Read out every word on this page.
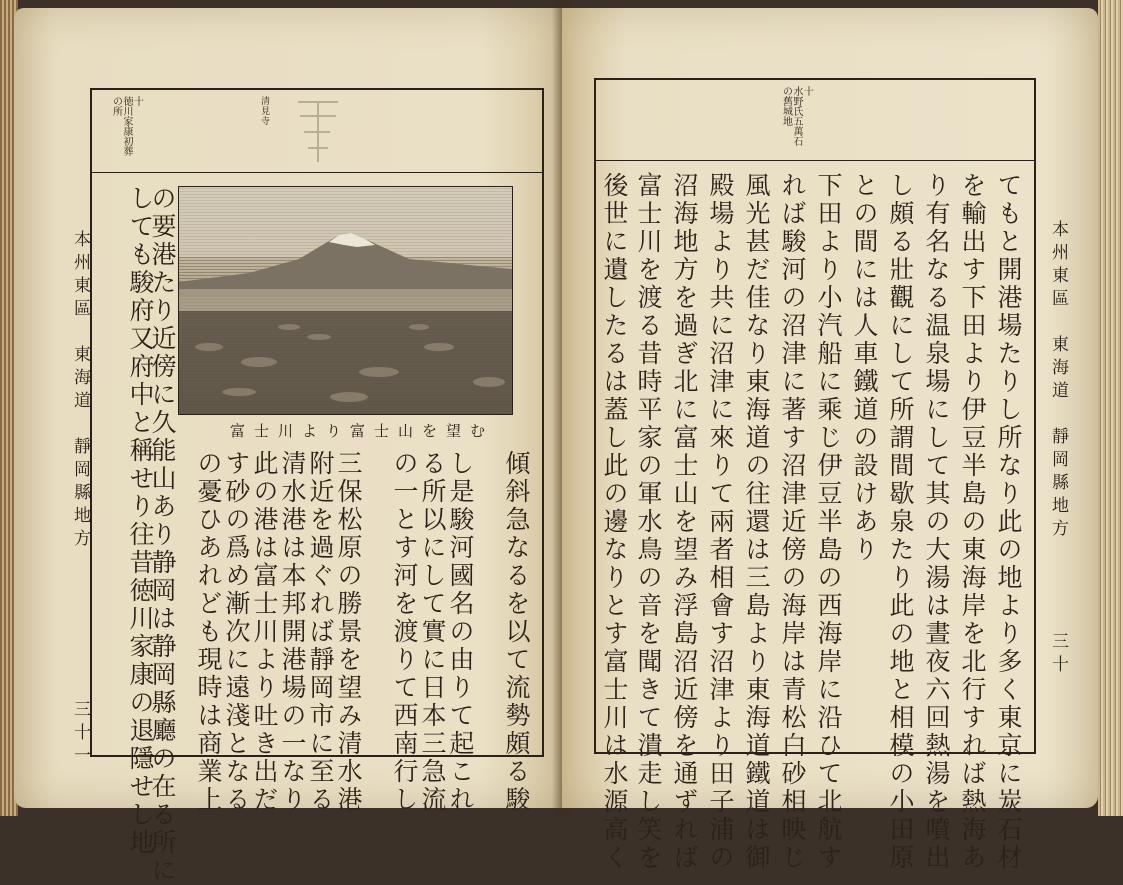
十
徳川家康初葬
の所	清見寺
富士川より富士山を望む
本州東區　東海道　靜岡縣地方
三十一	の憂ひあれども現時は商業上 す砂の爲め漸次に遠淺となる 此の港は富士川より吐き出だ 清水港は本邦開港場の一なり 附近を過ぐれば靜岡市に至る 三保松原の勝景を望み清水港 の一とす河を渡りて西南行し る所以にして實に日本三急流 し是駿河國名の由りて起これ 傾斜急なるを以て流勢頗る駿
しても駿府又府中と稱せり往昔徳川家康の退隱せし地
の要港たり近傍に久能山あり静岡は静岡縣廳の在る所に
十
水野氏五萬石
の舊城地
本州東區　東海道　靜岡縣地方
三十
てもと開港場たりし所なり此の地より多く東京に炭石材
を輸出す下田より伊豆半島の東海岸を北行すれば熱海あ
り有名なる温泉場にして其の大湯は晝夜六回熱湯を噴出
し頗る壯觀にして所謂間歇泉たり此の地と相模の小田原
との間には人車鐵道の設けあり
下田より小汽船に乘じ伊豆半島の西海岸に沿ひて北航す
れば駿河の沼津に著す沼津近傍の海岸は青松白砂相映じ
風光甚だ佳なり東海道の往還は三島より東海道鐵道は御
殿場より共に沼津に來りて兩者相會す沼津より田子浦の
沼海地方を過ぎ北に富士山を望み浮島沼近傍を通ずれば
富士川を渡る昔時平家の軍水鳥の音を聞きて潰走し笑を
後世に遺したるは蓋し此の邊なりとす富士川は水源高く
